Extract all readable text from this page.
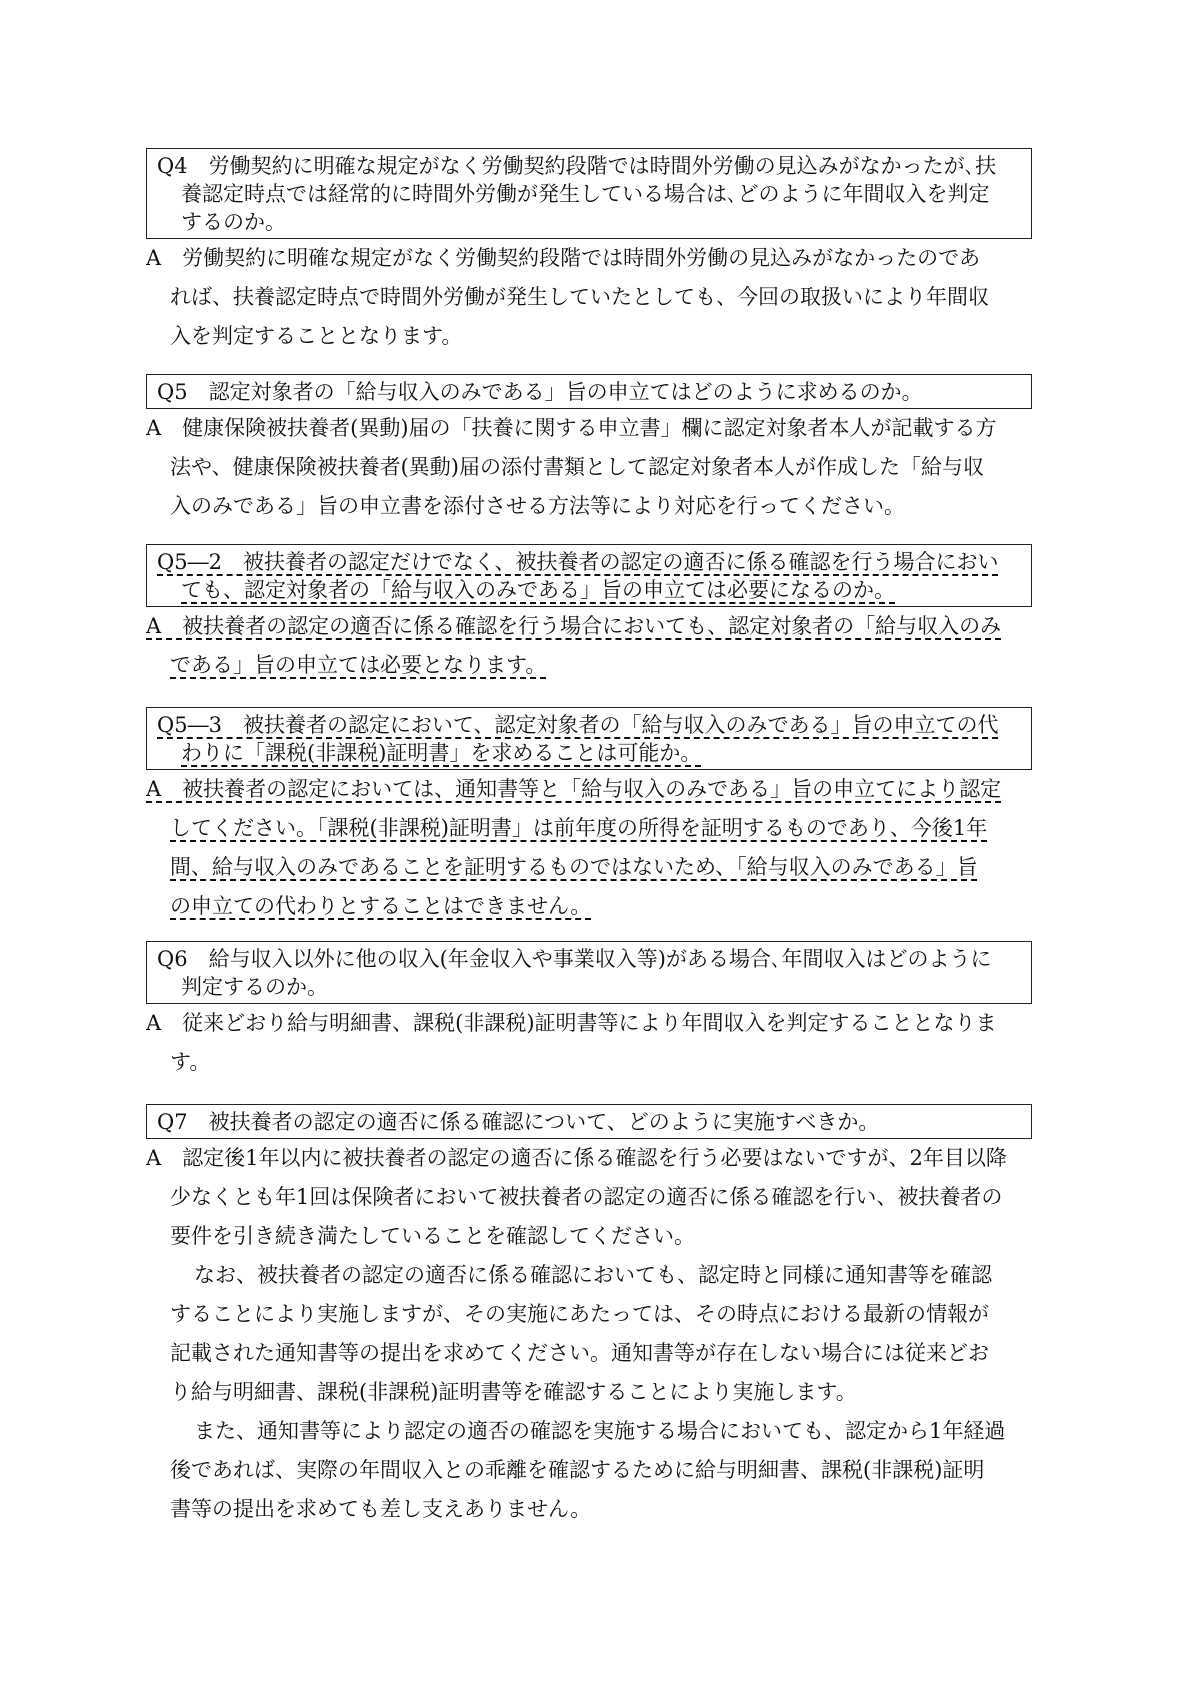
Q4　労働契約に明確な規定がなく労働契約段階では時間外労働の見込みがなかったが､扶
養認定時点では経常的に時間外労働が発生している場合は､どのように年間収入を判定
するのか｡
A　労働契約に明確な規定がなく労働契約段階では時間外労働の見込みがなかったのであ
れば、扶養認定時点で時間外労働が発生していたとしても、今回の取扱いにより年間収
入を判定することとなります。
Q5　認定対象者の「給与収入のみである」旨の申立てはどのように求めるのか。
A　健康保険被扶養者(異動)届の「扶養に関する申立書」欄に認定対象者本人が記載する方
法や、健康保険被扶養者(異動)届の添付書類として認定対象者本人が作成した「給与収
入のみである」旨の申立書を添付させる方法等により対応を行ってください。
Q5―2　被扶養者の認定だけでなく、被扶養者の認定の適否に係る確認を行う場合におい
ても、認定対象者の「給与収入のみである」旨の申立ては必要になるのか。
A　被扶養者の認定の適否に係る確認を行う場合においても、認定対象者の「給与収入のみ
である」旨の申立ては必要となります。
Q5―3　被扶養者の認定において、認定対象者の「給与収入のみである」旨の申立ての代
わりに「課税(非課税)証明書」を求めることは可能か。
A　被扶養者の認定においては、通知書等と「給与収入のみである」旨の申立てにより認定
してください。「課税(非課税)証明書」は前年度の所得を証明するものであり、今後1年
間、給与収入のみであることを証明するものではないため、「給与収入のみである」旨
の申立ての代わりとすることはできません。
Q6　給与収入以外に他の収入(年金収入や事業収入等)がある場合､年間収入はどのように
判定するのか。
A　従来どおり給与明細書、課税(非課税)証明書等により年間収入を判定することとなりま
す。
Q7　被扶養者の認定の適否に係る確認について、どのように実施すべきか。
A　認定後1年以内に被扶養者の認定の適否に係る確認を行う必要はないですが、2年目以降
少なくとも年1回は保険者において被扶養者の認定の適否に係る確認を行い、被扶養者の
要件を引き続き満たしていることを確認してください。
なお、被扶養者の認定の適否に係る確認においても、認定時と同様に通知書等を確認
することにより実施しますが、その実施にあたっては、その時点における最新の情報が
記載された通知書等の提出を求めてください。通知書等が存在しない場合には従来どお
り給与明細書、課税(非課税)証明書等を確認することにより実施します。
また、通知書等により認定の適否の確認を実施する場合においても、認定から1年経過
後であれば、実際の年間収入との乖離を確認するために給与明細書、課税(非課税)証明
書等の提出を求めても差し支えありません。
